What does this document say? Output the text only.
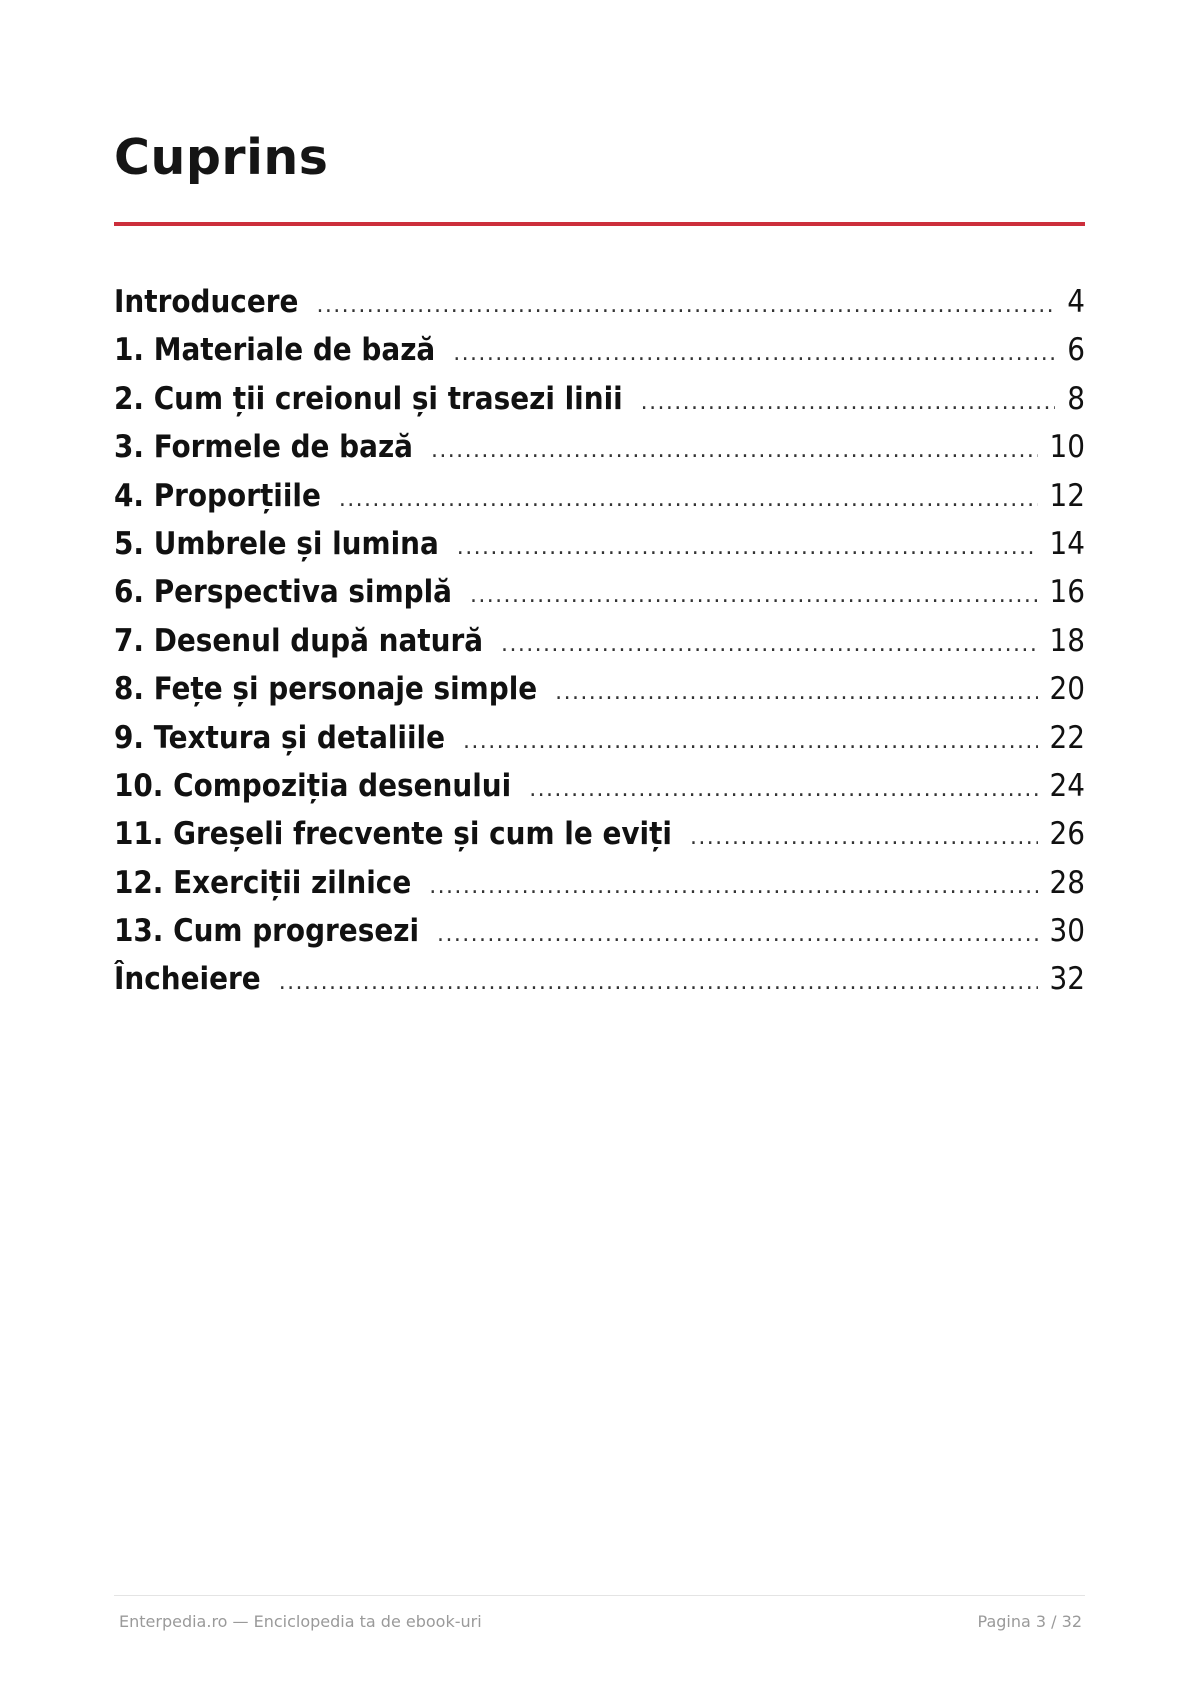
Cuprins
Introducere .....	4
1. Materiale de bază .....	6
2. Cum ții creionul și trasezi linii .....	8
3. Formele de bază .....	10
4. Proporțiile .....	12
5. Umbrele și lumina .....	14
6. Perspectiva simplă .....	16
7. Desenul după natură .....	18
8. Fețe și personaje simple .....	20
9. Textura și detaliile .....	22
10. Compoziția desenului .....	24
11. Greșeli frecvente și cum le eviți .....	26
12. Exerciții zilnice .....	28
13. Cum progresezi .....	30
Încheiere .....	32
Enterpedia.ro — Enciclopedia ta de ebook-uri	Pagina 3 / 32
